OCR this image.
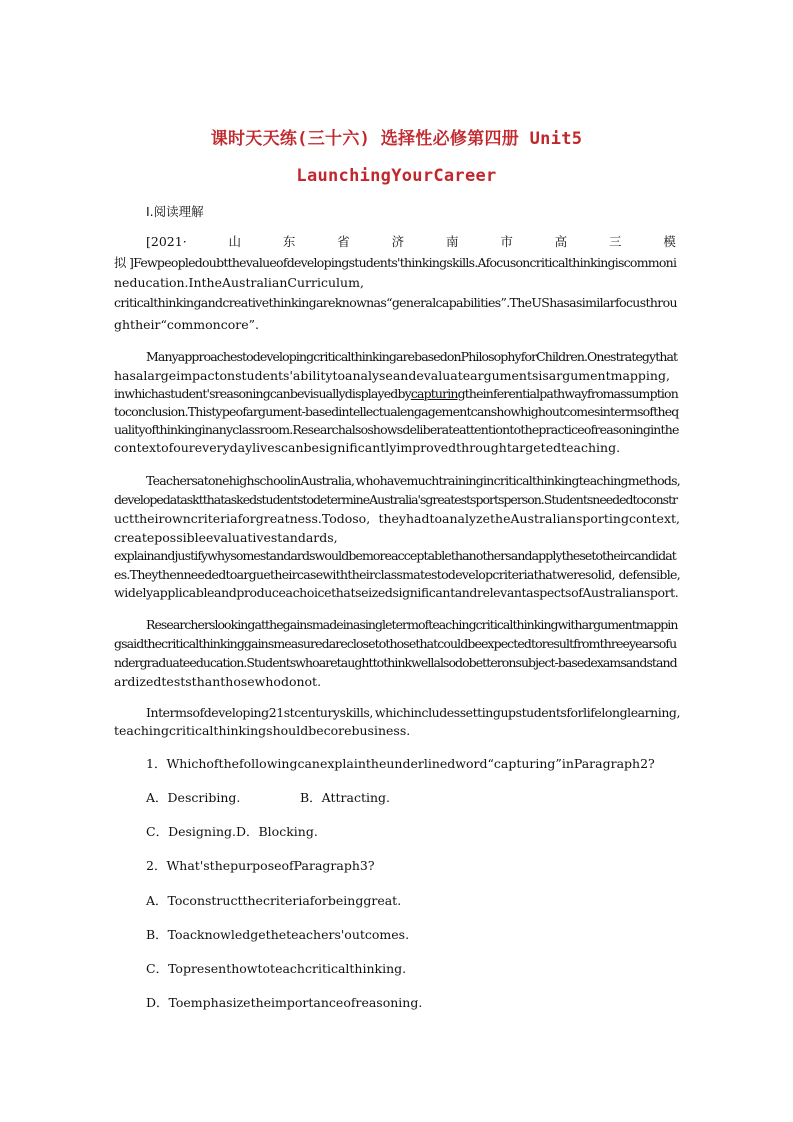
课时天天练(三十六) 选择性必修第四册 Unit5
LaunchingYourCareer
Ⅰ.阅读理解
[2021·	山	东	省	济	南	市	高	三	模
拟 ]Fewpeopledoubtthevalueofdevelopingstudents'thinkingskills.Afocusoncriticalthinkingiscommoni
neducation.IntheAustralianCurriculum,
criticalthinkingandcreativethinkingareknownas“generalcapabilities”.TheUShasasimilarfocusthrou
ghtheir“commoncore”.
ManyapproachestodevelopingcriticalthinkingarebasedonPhilosophyforChildren.Onestrategythat
hasalargeimpactonstudents'abilitytoanalyseandevaluateargumentsisargumentmapping,
inwhichastudent'sreasoningcanbevisuallydisplayedbycapturingtheinferentialpathwayfromassumption
toconclusion.Thistypeofargument-basedintellectualengagementcanshowhighoutcomesintermsofthеq
ualityofthinkinginanyclassroom.Researchalsoshowsdeliberateattentiontothepracticeofreasoninginthe
contextofoureverydaylivescanbesignificantlyimprovedthroughtargetedteaching.
TeachersatonehighschoolinAustralia, whohavemuchtrainingincriticalthinkingteachingmethods,
developedatasktthataskedstudentstodetermineAustralia'sgreatestsportsperson.Studentsneededtoconstr
ucttheirowncriteriaforgreatness.Todoso, theyhadtoanalyzetheAustraliansportingcontext,
createpossibleevaluativestandards,
explainandjustifywhysomestandardswouldbemoreacceptablethanothersandapplythesetotheircandidat
es.Theythenneededtoarguetheircasewiththeirclassmatestodevelopcriteriathatweresolid, defensible,
widelyapplicableandproduceachoicethatseizedsignificantandrelevantaspectsofAustraliansport.
Researcherslookingatthegainsmadeinasingletermofteachingcriticalthinkingwithargumentmappin
gsaidthecriticalthinkinggainsmeasuredareclosetothosethatcouldbeexpectedtoresultfromthreeyearsofu
ndergraduateeducation.Studentswhoaretaughttothinkwellalsodobetteronsubject-basedexamsandstand
ardizedteststhanthosewhodonot.
Intermsofdeveloping21stcenturyskills, whichincludessettingupstudentsforlifelonglearning,
teachingcriticalthinkingshouldbecorebusiness.
1．Whichofthefollowingcanexplaintheunderlinedword“capturing”inParagraph2?
A．Describing.	B．Attracting.
C．Designing.D．Blocking.
2．What'sthepurposeofParagraph3?
A．Toconstructthecriteriaforbeinggreat.
B．Toacknowledgetheteachers'outcomes.
C．Topresenthowtoteachcriticalthinking.
D．Toemphasizetheimportanceofreasoning.
